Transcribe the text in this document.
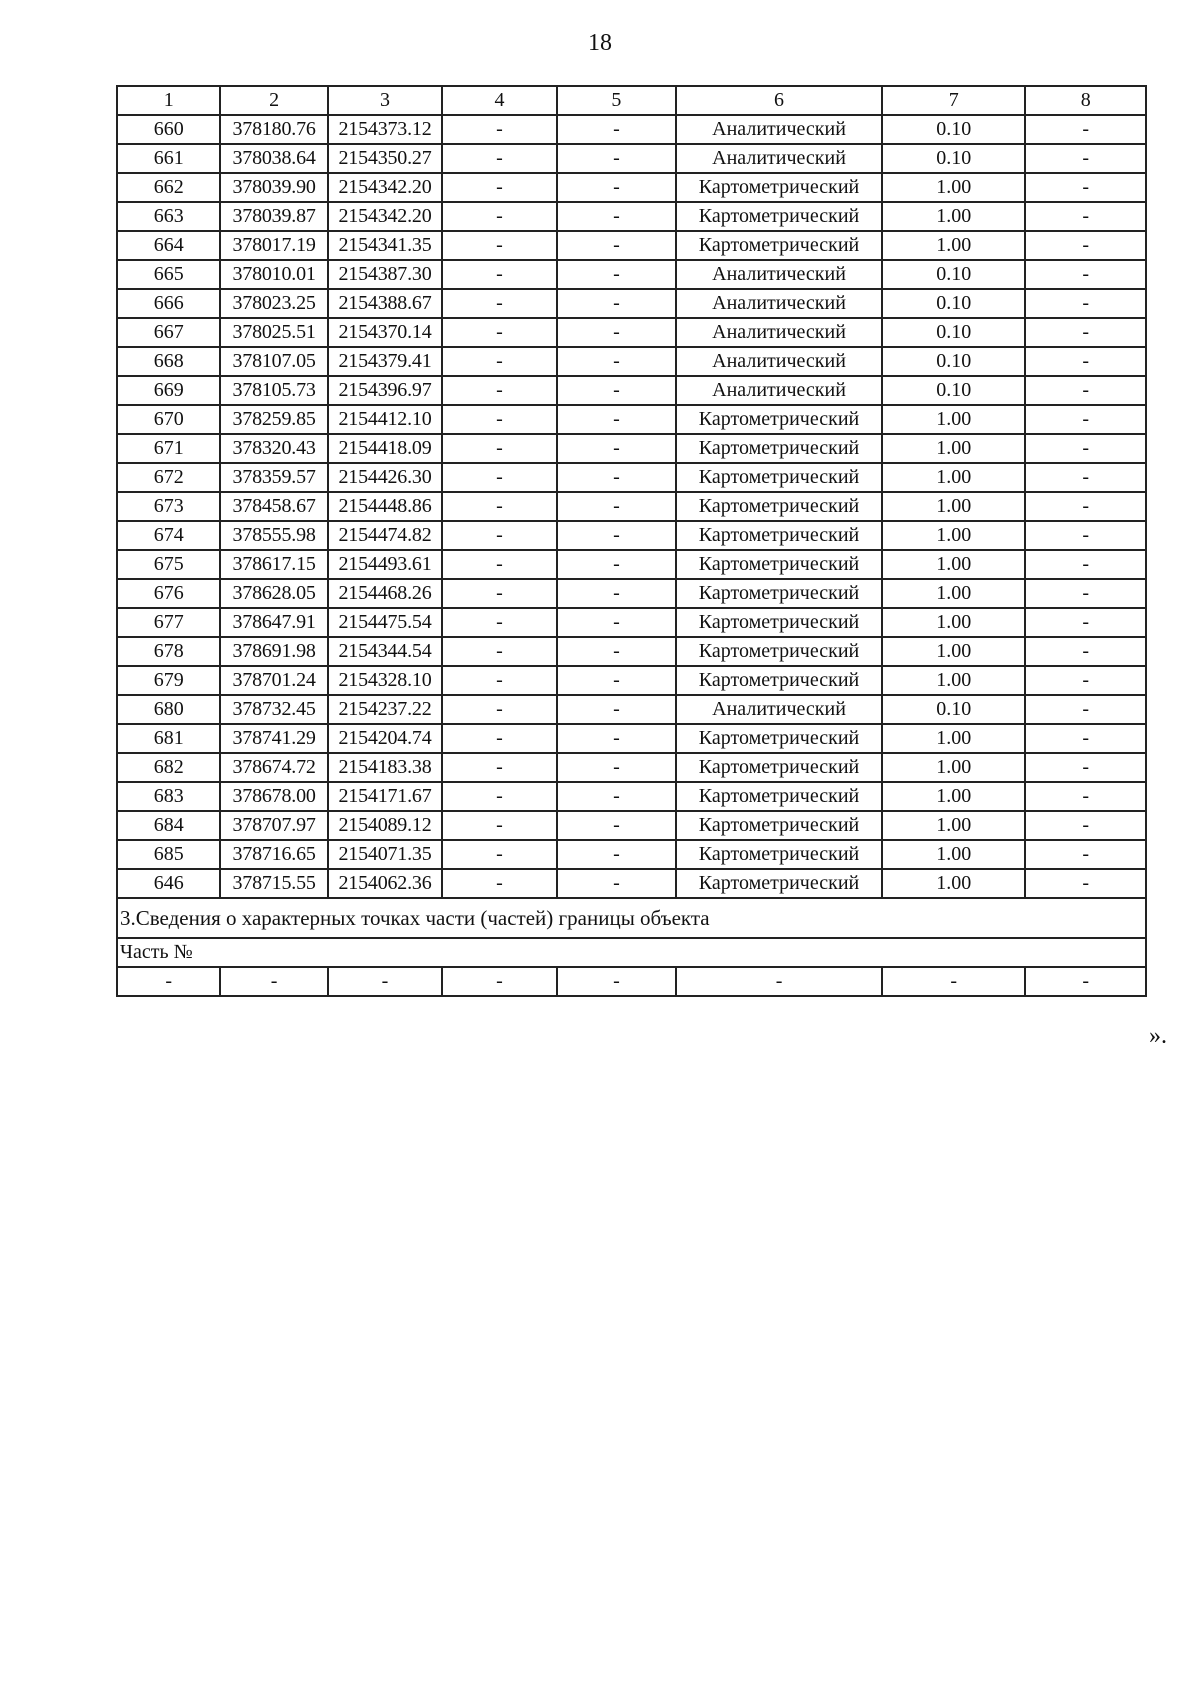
18
1	2	3	4	5	6	7	8
660	378180.76	2154373.12	-	-	Аналитический	0.10	-
661	378038.64	2154350.27	-	-	Аналитический	0.10	-
662	378039.90	2154342.20	-	-	Картометрический	1.00	-
663	378039.87	2154342.20	-	-	Картометрический	1.00	-
664	378017.19	2154341.35	-	-	Картометрический	1.00	-
665	378010.01	2154387.30	-	-	Аналитический	0.10	-
666	378023.25	2154388.67	-	-	Аналитический	0.10	-
667	378025.51	2154370.14	-	-	Аналитический	0.10	-
668	378107.05	2154379.41	-	-	Аналитический	0.10	-
669	378105.73	2154396.97	-	-	Аналитический	0.10	-
670	378259.85	2154412.10	-	-	Картометрический	1.00	-
671	378320.43	2154418.09	-	-	Картометрический	1.00	-
672	378359.57	2154426.30	-	-	Картометрический	1.00	-
673	378458.67	2154448.86	-	-	Картометрический	1.00	-
674	378555.98	2154474.82	-	-	Картометрический	1.00	-
675	378617.15	2154493.61	-	-	Картометрический	1.00	-
676	378628.05	2154468.26	-	-	Картометрический	1.00	-
677	378647.91	2154475.54	-	-	Картометрический	1.00	-
678	378691.98	2154344.54	-	-	Картометрический	1.00	-
679	378701.24	2154328.10	-	-	Картометрический	1.00	-
680	378732.45	2154237.22	-	-	Аналитический	0.10	-
681	378741.29	2154204.74	-	-	Картометрический	1.00	-
682	378674.72	2154183.38	-	-	Картометрический	1.00	-
683	378678.00	2154171.67	-	-	Картометрический	1.00	-
684	378707.97	2154089.12	-	-	Картометрический	1.00	-
685	378716.65	2154071.35	-	-	Картометрический	1.00	-
646	378715.55	2154062.36	-	-	Картометрический	1.00	-
3.Сведения о характерных точках части (частей) границы объекта							
Часть №							
-	-	-	-	-	-	-	-
».
